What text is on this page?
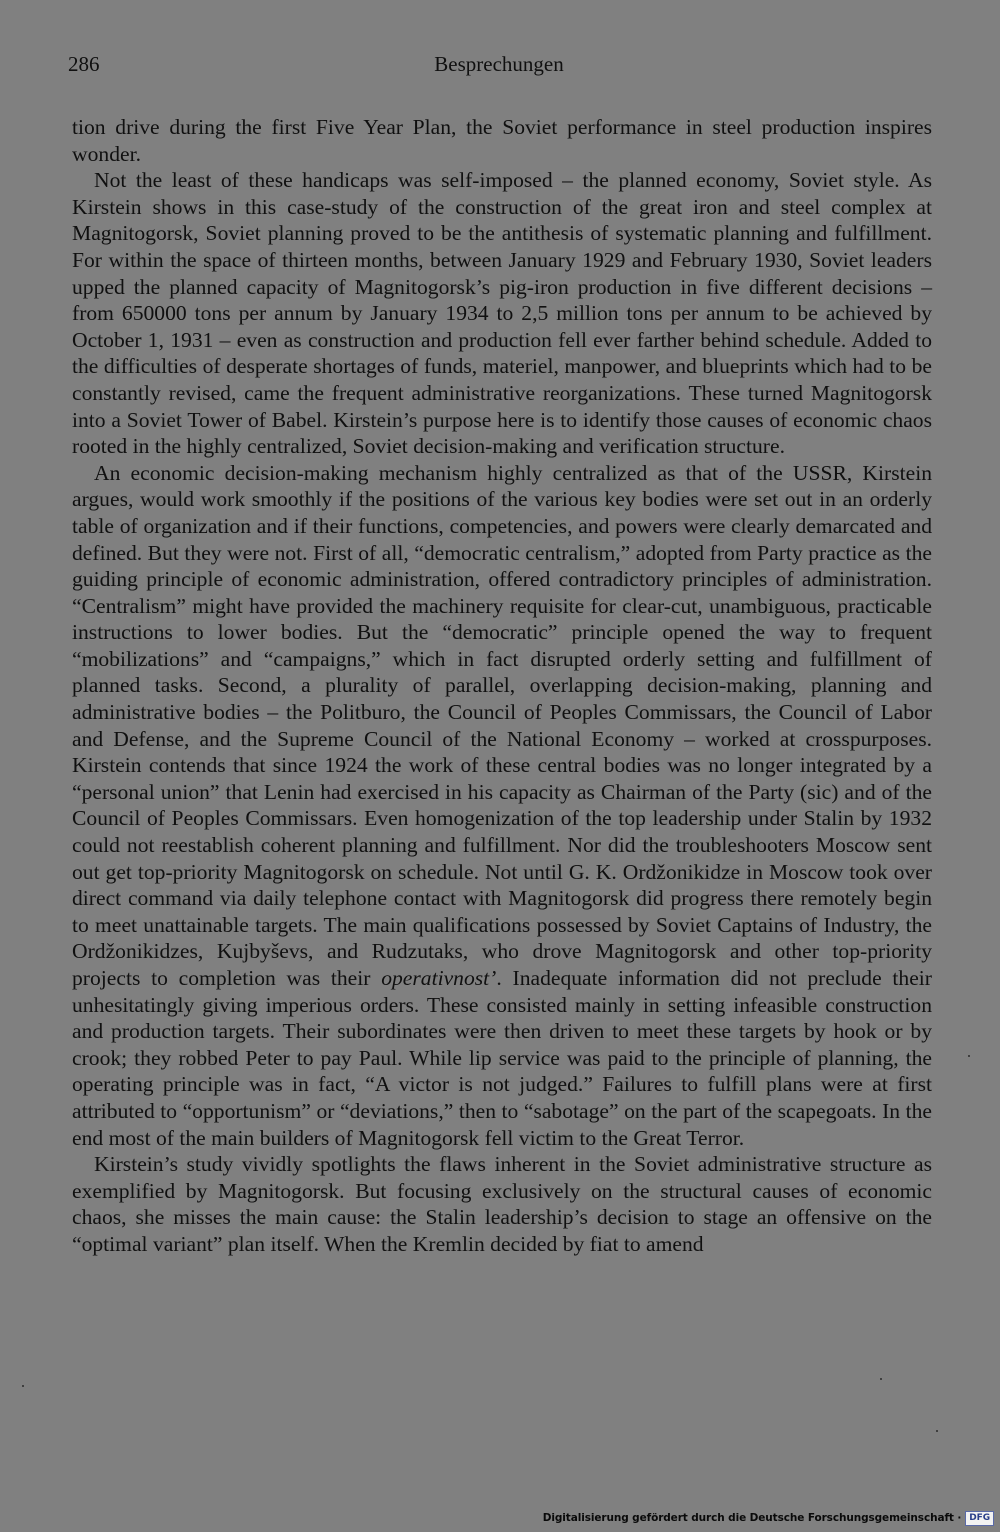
286	Besprechungen

tion drive during the first Five Year Plan, the Soviet performance in steel production inspires wonder.

Not the least of these handicaps was self-imposed – the planned economy, Soviet style. As Kirstein shows in this case-study of the construction of the great iron and steel complex at Magnitogorsk, Soviet planning proved to be the antithesis of systematic planning and fulfillment. For within the space of thirteen months, between January 1929 and February 1930, Soviet leaders upped the planned capacity of Magnitogorsk’s pig-iron production in five different decisions – from 650000 tons per annum by January 1934 to 2,5 million tons per annum to be achieved by October 1, 1931 – even as construction and production fell ever farther behind schedule. Added to the difficulties of desperate shortages of funds, materiel, manpower, and blueprints which had to be constantly revised, came the frequent administrative reorganizations. These turned Magnitogorsk into a Soviet Tower of Babel. Kirstein’s purpose here is to identify those causes of economic chaos rooted in the highly centralized, Soviet decision-making and verification structure.

An economic decision-making mechanism highly centralized as that of the USSR, Kirstein argues, would work smoothly if the positions of the various key bodies were set out in an orderly table of organization and if their functions, competencies, and powers were clearly demarcated and defined. But they were not. First of all, “democratic centralism,” adopted from Party practice as the guiding principle of economic administration, offered contradictory principles of administration. “Centralism” might have provided the machinery requisite for clear-cut, unambiguous, practicable instructions to lower bodies. But the “democratic” principle opened the way to frequent “mobilizations” and “campaigns,” which in fact disrupted orderly setting and fulfillment of planned tasks. Second, a plurality of parallel, overlapping decision-making, planning and administrative bodies – the Politburo, the Council of Peoples Commissars, the Council of Labor and Defense, and the Supreme Council of the National Economy – worked at crosspurposes. Kirstein contends that since 1924 the work of these central bodies was no longer integrated by a “personal union” that Lenin had exercised in his capacity as Chairman of the Party (sic) and of the Council of Peoples Commissars. Even homogenization of the top leadership under Stalin by 1932 could not reestablish coherent planning and fulfillment. Nor did the troubleshooters Moscow sent out get top-priority Magnitogorsk on schedule. Not until G. K. Ordžonikidze in Moscow took over direct command via daily telephone contact with Magnitogorsk did progress there remotely begin to meet unattainable targets. The main qualifications possessed by Soviet Captains of Industry, the Ordžonikidzes, Kujbyševs, and Rudzutaks, who drove Magnitogorsk and other top-priority projects to completion was their operativnost’. Inadequate information did not preclude their unhesitatingly giving imperious orders. These consisted mainly in setting infeasible construction and production targets. Their subordinates were then driven to meet these targets by hook or by crook; they robbed Peter to pay Paul. While lip service was paid to the principle of planning, the operating principle was in fact, “A victor is not judged.” Failures to fulfill plans were at first attributed to “opportunism” or “deviations,” then to “sabotage” on the part of the scapegoats. In the end most of the main builders of Magnitogorsk fell victim to the Great Terror.

Kirstein’s study vividly spotlights the flaws inherent in the Soviet administrative structure as exemplified by Magnitogorsk. But focusing exclusively on the structural causes of economic chaos, she misses the main cause: the Stalin leadership’s decision to stage an offensive on the “optimal variant” plan itself. When the Kremlin decided by fiat to amend

Digitalisierung gefördert durch die Deutsche Forschungsgemeinschaft · DFG
